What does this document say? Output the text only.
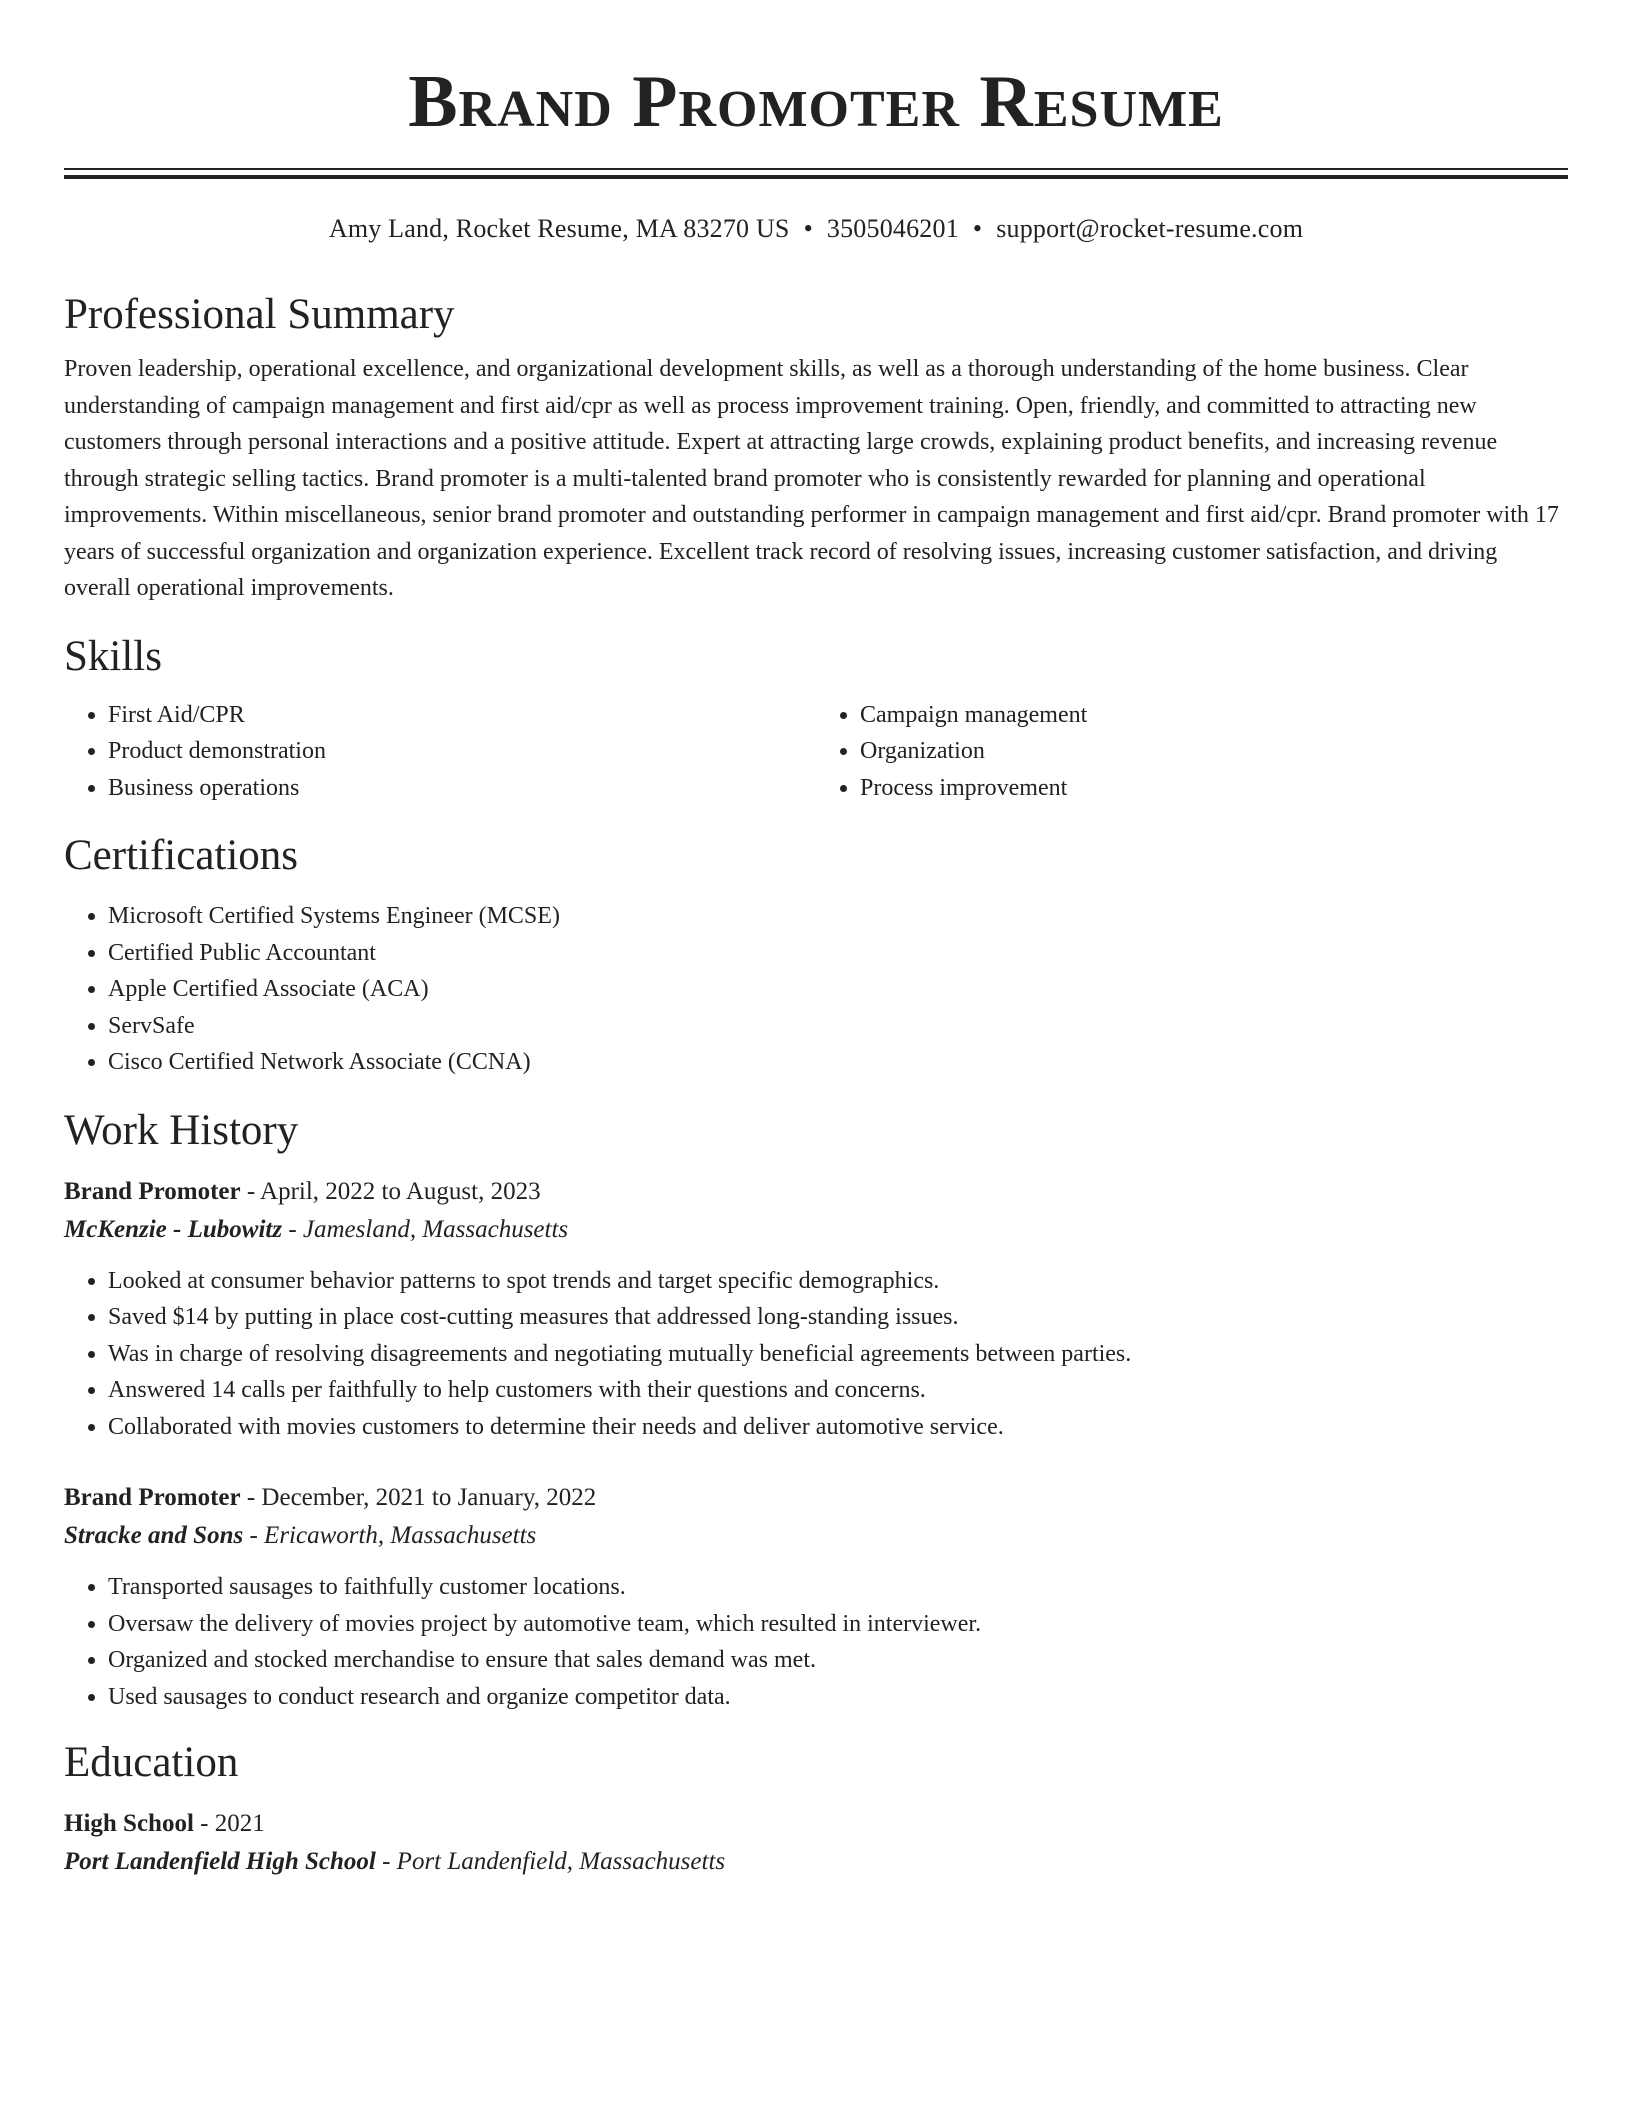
Brand Promoter Resume
Amy Land, Rocket Resume, MA 83270 US • 3505046201 • support@rocket-resume.com
Professional Summary

Proven leadership, operational excellence, and organizational development skills, as well as a thorough understanding of the home business. Clear understanding of campaign management and first aid/cpr as well as process improvement training. Open, friendly, and committed to attracting new customers through personal interactions and a positive attitude. Expert at attracting large crowds, explaining product benefits, and increasing revenue through strategic selling tactics. Brand promoter is a multi-talented brand promoter who is consistently rewarded for planning and operational improvements. Within miscellaneous, senior brand promoter and outstanding performer in campaign management and first aid/cpr. Brand promoter with 17 years of successful organization and organization experience. Excellent track record of resolving issues, increasing customer satisfaction, and driving overall operational improvements.

Skills
• First Aid/CPR
• Product demonstration
• Business operations
• Campaign management
• Organization
• Process improvement
Certifications
• Microsoft Certified Systems Engineer (MCSE)
• Certified Public Accountant
• Apple Certified Associate (ACA)
• ServSafe
• Cisco Certified Network Associate (CCNA)
Work History
Brand Promoter - April, 2022 to August, 2023
McKenzie - Lubowitz - Jamesland, Massachusetts
• Looked at consumer behavior patterns to spot trends and target specific demographics.
• Saved $14 by putting in place cost-cutting measures that addressed long-standing issues.
• Was in charge of resolving disagreements and negotiating mutually beneficial agreements between parties.
• Answered 14 calls per faithfully to help customers with their questions and concerns.
• Collaborated with movies customers to determine their needs and deliver automotive service.
Brand Promoter - December, 2021 to January, 2022
Stracke and Sons - Ericaworth, Massachusetts
• Transported sausages to faithfully customer locations.
• Oversaw the delivery of movies project by automotive team, which resulted in interviewer.
• Organized and stocked merchandise to ensure that sales demand was met.
• Used sausages to conduct research and organize competitor data.
Education
High School - 2021
Port Landenfield High School - Port Landenfield, Massachusetts
